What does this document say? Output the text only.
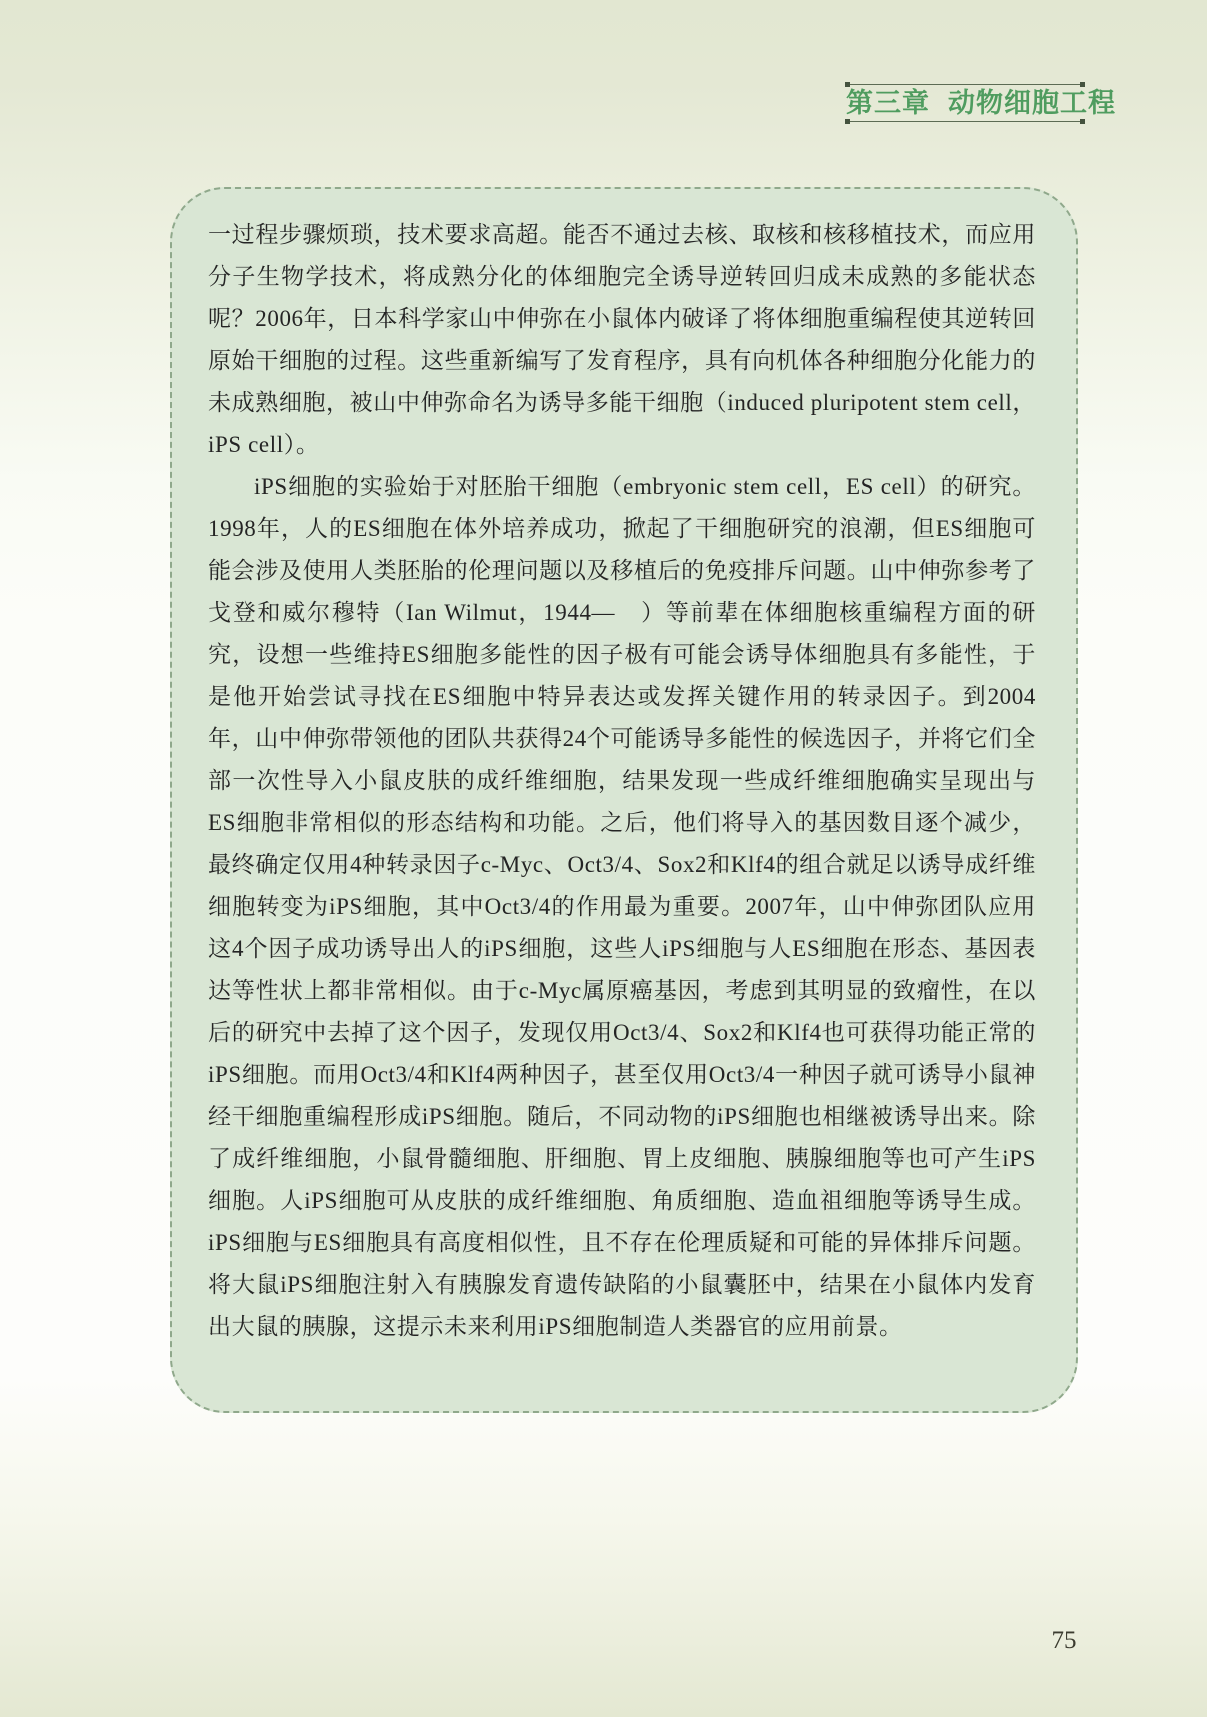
第三章 动物细胞工程

一过程步骤烦琐，技术要求高超。能否不通过去核、取核和核移植技术，而应用分子生物学技术，将成熟分化的体细胞完全诱导逆转回归成未成熟的多能状态呢？2006年，日本科学家山中伸弥在小鼠体内破译了将体细胞重编程使其逆转回原始干细胞的过程。这些重新编写了发育程序，具有向机体各种细胞分化能力的未成熟细胞，被山中伸弥命名为诱导多能干细胞（induced pluripotent stem cell，iPS cell）。

iPS细胞的实验始于对胚胎干细胞（embryonic stem cell，ES cell）的研究。1998年，人的ES细胞在体外培养成功，掀起了干细胞研究的浪潮，但ES细胞可能会涉及使用人类胚胎的伦理问题以及移植后的免疫排斥问题。山中伸弥参考了戈登和威尔穆特（Ian Wilmut，1944—　）等前辈在体细胞核重编程方面的研究，设想一些维持ES细胞多能性的因子极有可能会诱导体细胞具有多能性，于是他开始尝试寻找在ES细胞中特异表达或发挥关键作用的转录因子。到2004年，山中伸弥带领他的团队共获得24个可能诱导多能性的候选因子，并将它们全部一次性导入小鼠皮肤的成纤维细胞，结果发现一些成纤维细胞确实呈现出与ES细胞非常相似的形态结构和功能。之后，他们将导入的基因数目逐个减少，最终确定仅用4种转录因子c-Myc、Oct3/4、Sox2和Klf4的组合就足以诱导成纤维细胞转变为iPS细胞，其中Oct3/4的作用最为重要。2007年，山中伸弥团队应用这4个因子成功诱导出人的iPS细胞，这些人iPS细胞与人ES细胞在形态、基因表达等性状上都非常相似。由于c-Myc属原癌基因，考虑到其明显的致瘤性，在以后的研究中去掉了这个因子，发现仅用Oct3/4、Sox2和Klf4也可获得功能正常的iPS细胞。而用Oct3/4和Klf4两种因子，甚至仅用Oct3/4一种因子就可诱导小鼠神经干细胞重编程形成iPS细胞。随后，不同动物的iPS细胞也相继被诱导出来。除了成纤维细胞，小鼠骨髓细胞、肝细胞、胃上皮细胞、胰腺细胞等也可产生iPS细胞。人iPS细胞可从皮肤的成纤维细胞、角质细胞、造血祖细胞等诱导生成。iPS细胞与ES细胞具有高度相似性，且不存在伦理质疑和可能的异体排斥问题。将大鼠iPS细胞注射入有胰腺发育遗传缺陷的小鼠囊胚中，结果在小鼠体内发育出大鼠的胰腺，这提示未来利用iPS细胞制造人类器官的应用前景。

75
